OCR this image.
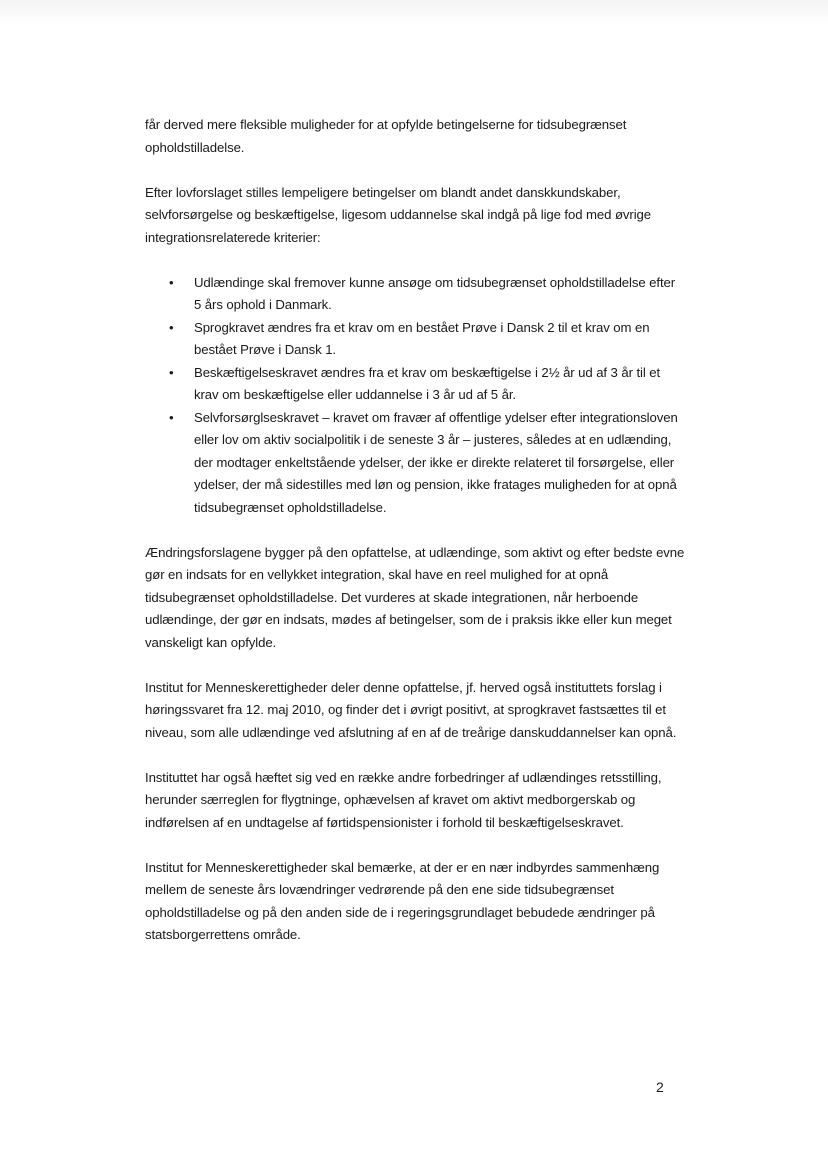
får derved mere fleksible muligheder for at opfylde betingelserne for tidsubegrænset opholdstilladelse.

Efter lovforslaget stilles lempeligere betingelser om blandt andet danskkundskaber, selvforsørgelse og beskæftigelse, ligesom uddannelse skal indgå på lige fod med øvrige integrationsrelaterede kriterier:

• Udlændinge skal fremover kunne ansøge om tidsubegrænset opholdstilladelse efter 5 års ophold i Danmark.
• Sprogkravet ændres fra et krav om en bestået Prøve i Dansk 2 til et krav om en bestået Prøve i Dansk 1.
• Beskæftigelseskravet ændres fra et krav om beskæftigelse i 2½ år ud af 3 år til et krav om beskæftigelse eller uddannelse i 3 år ud af 5 år.
• Selvforsørglseskravet – kravet om fravær af offentlige ydelser efter integrationsloven eller lov om aktiv socialpolitik i de seneste 3 år – justeres, således at en udlænding, der modtager enkeltstående ydelser, der ikke er direkte relateret til forsørgelse, eller ydelser, der må sidestilles med løn og pension, ikke fratages muligheden for at opnå tidsubegrænset opholdstilladelse.

Ændringsforslagene bygger på den opfattelse, at udlændinge, som aktivt og efter bedste evne gør en indsats for en vellykket integration, skal have en reel mulighed for at opnå tidsubegrænset opholdstilladelse. Det vurderes at skade integrationen, når herboende udlændinge, der gør en indsats, mødes af betingelser, som de i praksis ikke eller kun meget vanskeligt kan opfylde.

Institut for Menneskerettigheder deler denne opfattelse, jf. herved også instituttets forslag i høringssvaret fra 12. maj 2010, og finder det i øvrigt positivt, at sprogkravet fastsættes til et niveau, som alle udlændinge ved afslutning af en af de treårige danskuddannelser kan opnå.

Instituttet har også hæftet sig ved en række andre forbedringer af udlændinges retsstilling, herunder særreglen for flygtninge, ophævelsen af kravet om aktivt medborgerskab og indførelsen af en undtagelse af førtidspensionister i forhold til beskæftigelseskravet.

Institut for Menneskerettigheder skal bemærke, at der er en nær indbyrdes sammenhæng mellem de seneste års lovændringer vedrørende på den ene side tidsubegrænset opholdstilladelse og på den anden side de i regeringsgrundlaget bebudede ændringer på statsborgerrettens område.

2
